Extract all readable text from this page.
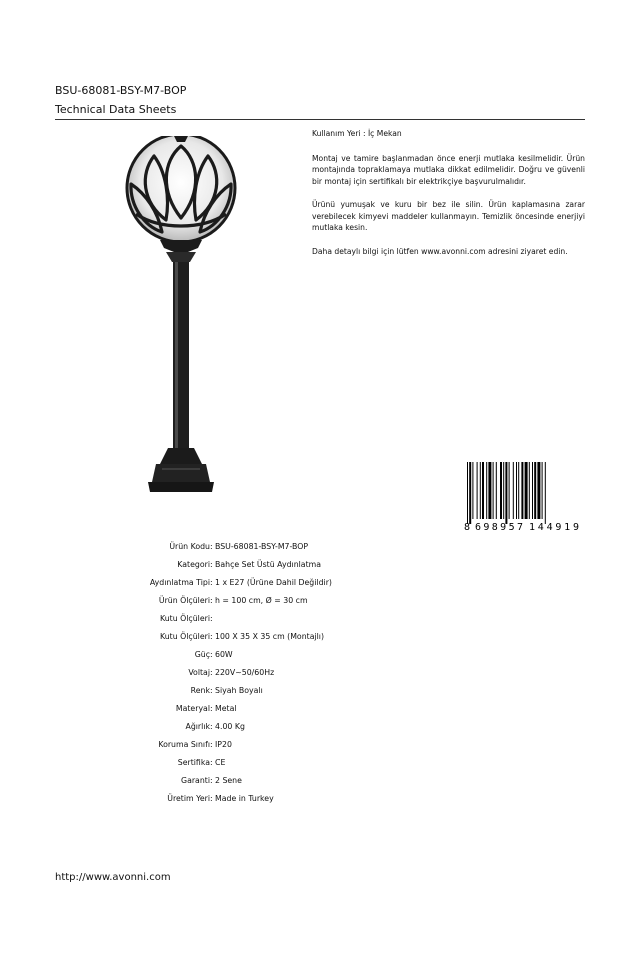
BSU-68081-BSY-M7-BOP
Technical Data Sheets

Kullanım Yeri : İç Mekan

Montaj ve tamire başlanmadan önce enerji mutlaka kesilmelidir. Ürün montajında topraklamaya mutlaka dikkat edilmelidir. Doğru ve güvenli bir montaj için sertifikalı bir elektrikçiye başvurulmalıdır.

Ürünü yumuşak ve kuru bir bez ile silin. Ürün kaplamasına zarar verebilecek kimyevi maddeler kullanmayın. Temizlik öncesinde enerjiyi mutlaka kesin.

Daha detaylı bilgi için lütfen www.avonni.com adresini ziyaret edin.

8 698957 144919
Ürün Kodu : BSU-68081-BSY-M7-BOP
Kategori : Bahçe Set Üstü Aydınlatma
Aydınlatma Tipi : 1 x E27 (Ürüne Dahil Değildir)
Ürün Ölçüleri : h = 100 cm, Ø = 30 cm
Kutu Ölçüleri :
Kutu Ölçüleri : 100 X 35 X 35 cm (Montajlı)
Güç : 60W
Voltaj : 220V~50/60Hz
Renk : Siyah Boyalı
Materyal : Metal
Ağırlık : 4.00 Kg
Koruma Sınıfı : IP20
Sertifika : CE
Garanti : 2 Sene
Üretim Yeri : Made in Turkey
http://www.avonni.com
